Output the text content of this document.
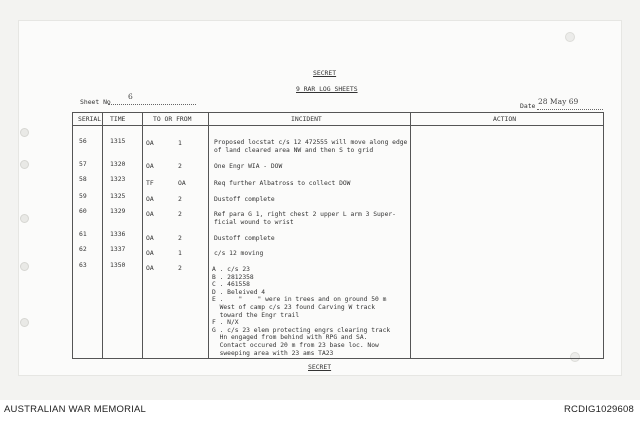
SECRET
9 RAR LOG SHEETS
Sheet No
6
Date 28 May 69
SERIAL TIME	TO OR FROM	INCIDENT	ACTION
56	1315	OA	1	Proposed locstat c/s 12 472555 will move along edge
of land cleared area NW and then S to grid
57	1320	OA	2	One Engr WIA - DOW
58	1323	TF	OA	Req further Albatross to collect DOW
59	1325	OA	2	Dustoff complete
60	1329	OA	2	Ref para G 1, right chest 2 upper L arm 3 Super-
ficial wound to wrist
61	1336	OA	2	Dustoff complete
62	1337	OA	1	c/s 12 moving
63	1350	OA	2	A . c/s 23
B . 2812358
C . 461558
D . Beleived 4
E .    "    " were in trees and on ground 50 m
West of camp c/s 23 found Carving W track
toward the Engr trail
F . N/X
G . c/s 23 elem protecting engrs clearing track
Hn engaged from behind with RPG and SA.
Contact occured 20 m from 23 base loc. Now
sweeping area with 23 ams TA23
SECRET
AUSTRALIAN WAR MEMORIAL	RCDIG1029608
